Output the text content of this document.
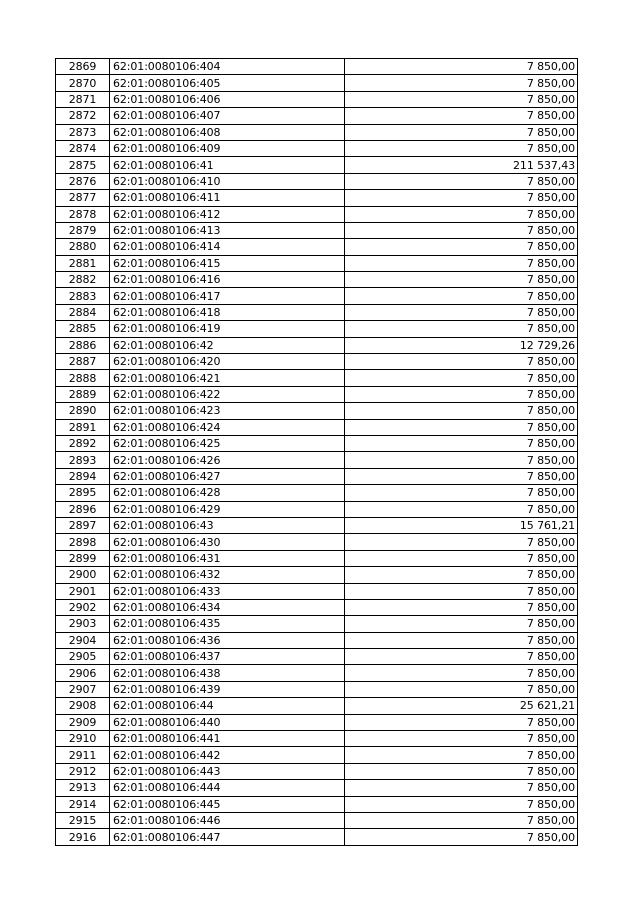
2869	62:01:0080106:404	7 850,00
2870	62:01:0080106:405	7 850,00
2871	62:01:0080106:406	7 850,00
2872	62:01:0080106:407	7 850,00
2873	62:01:0080106:408	7 850,00
2874	62:01:0080106:409	7 850,00
2875	62:01:0080106:41	211 537,43
2876	62:01:0080106:410	7 850,00
2877	62:01:0080106:411	7 850,00
2878	62:01:0080106:412	7 850,00
2879	62:01:0080106:413	7 850,00
2880	62:01:0080106:414	7 850,00
2881	62:01:0080106:415	7 850,00
2882	62:01:0080106:416	7 850,00
2883	62:01:0080106:417	7 850,00
2884	62:01:0080106:418	7 850,00
2885	62:01:0080106:419	7 850,00
2886	62:01:0080106:42	12 729,26
2887	62:01:0080106:420	7 850,00
2888	62:01:0080106:421	7 850,00
2889	62:01:0080106:422	7 850,00
2890	62:01:0080106:423	7 850,00
2891	62:01:0080106:424	7 850,00
2892	62:01:0080106:425	7 850,00
2893	62:01:0080106:426	7 850,00
2894	62:01:0080106:427	7 850,00
2895	62:01:0080106:428	7 850,00
2896	62:01:0080106:429	7 850,00
2897	62:01:0080106:43	15 761,21
2898	62:01:0080106:430	7 850,00
2899	62:01:0080106:431	7 850,00
2900	62:01:0080106:432	7 850,00
2901	62:01:0080106:433	7 850,00
2902	62:01:0080106:434	7 850,00
2903	62:01:0080106:435	7 850,00
2904	62:01:0080106:436	7 850,00
2905	62:01:0080106:437	7 850,00
2906	62:01:0080106:438	7 850,00
2907	62:01:0080106:439	7 850,00
2908	62:01:0080106:44	25 621,21
2909	62:01:0080106:440	7 850,00
2910	62:01:0080106:441	7 850,00
2911	62:01:0080106:442	7 850,00
2912	62:01:0080106:443	7 850,00
2913	62:01:0080106:444	7 850,00
2914	62:01:0080106:445	7 850,00
2915	62:01:0080106:446	7 850,00
2916	62:01:0080106:447	7 850,00
